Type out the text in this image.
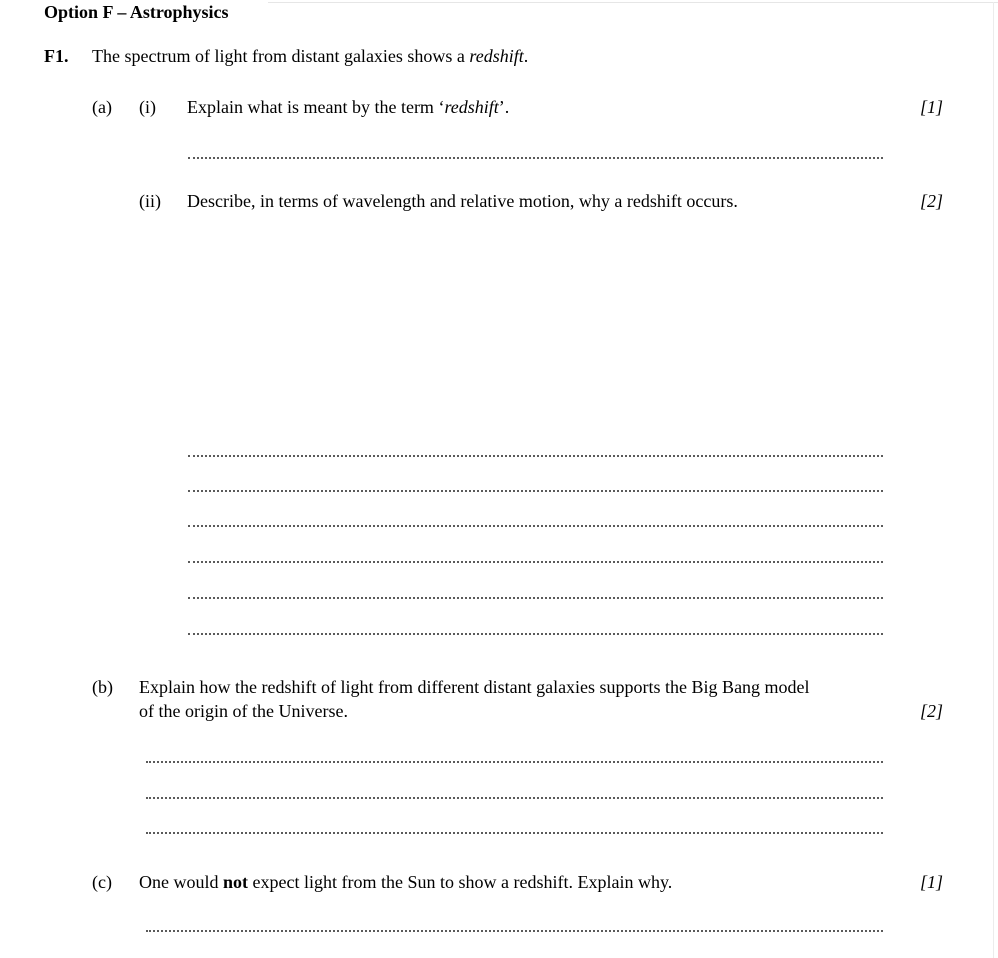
Option F – Astrophysics
F1. The spectrum of light from distant galaxies shows a redshift.
(a) (i) Explain what is meant by the term ‘redshift’.	[1]
(ii) Describe, in terms of wavelength and relative motion, why a redshift occurs.	[2]
(b) Explain how the redshift of light from different distant galaxies supports the Big Bang model
of the origin of the Universe.	[2]
(c) One would not expect light from the Sun to show a redshift. Explain why.	[1]
